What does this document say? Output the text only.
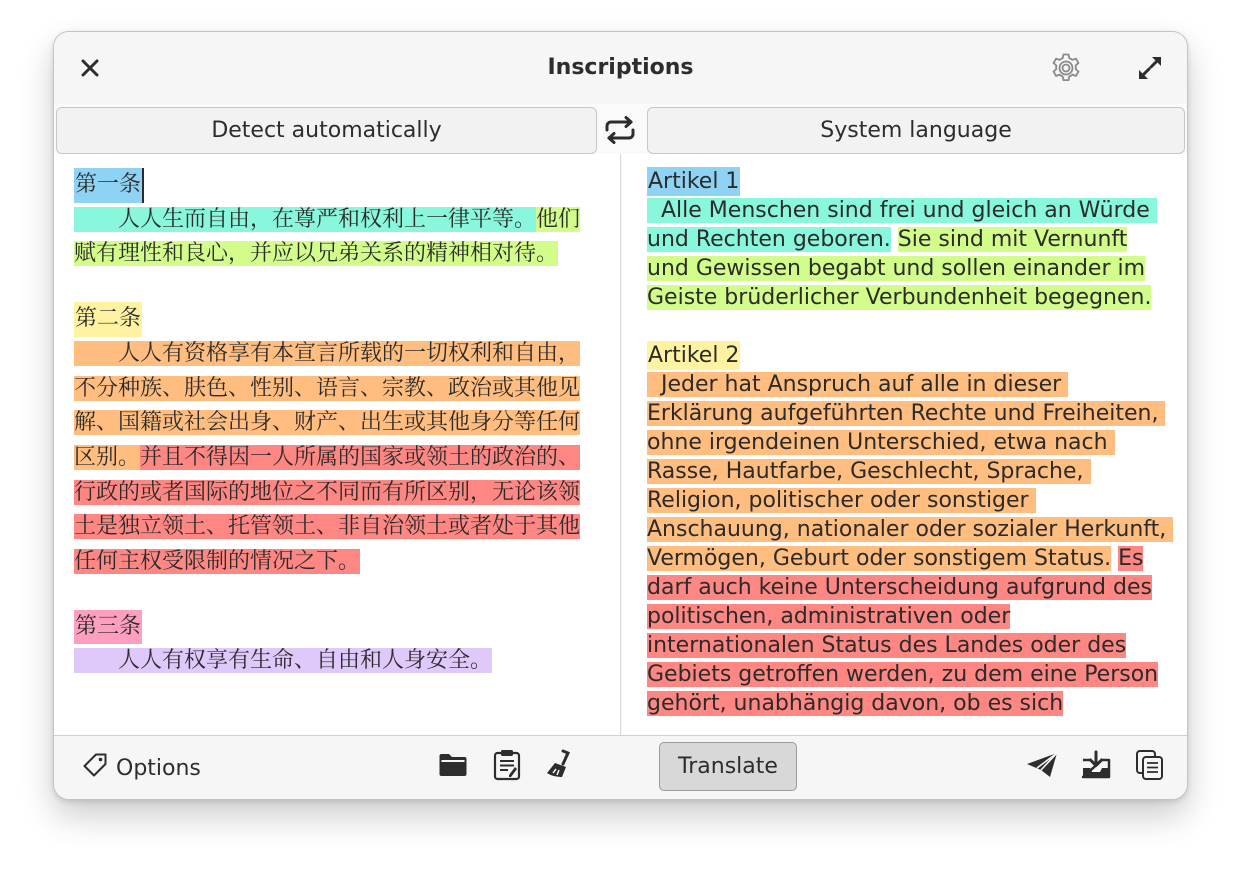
Inscriptions
Detect automatically	System language

第一条
　　人人生而自由，在尊严和权利上一律平等。他们赋有理性和良心，并应以兄弟关系的精神相对待。

第二条
　　人人有资格享有本宣言所载的一切权利和自由，不分种族、肤色、性别、语言、宗教、政治或其他见解、国籍或社会出身、财产、出生或其他身分等任何区别。并且不得因一人所属的国家或领土的政治的、行政的或者国际的地位之不同而有所区别，无论该领土是独立领土、托管领土、非自治领土或者处于其他任何主权受限制的情况之下。

第三条
　　人人有权享有生命、自由和人身安全。

Artikel 1
Alle Menschen sind frei und gleich an Würde und Rechten geboren. Sie sind mit Vernunft und Gewissen begabt und sollen einander im Geiste brüderlicher Verbundenheit begegnen.

Artikel 2
Jeder hat Anspruch auf alle in dieser Erklärung aufgeführten Rechte und Freiheiten, ohne irgendeinen Unterschied, etwa nach Rasse, Hautfarbe, Geschlecht, Sprache, Religion, politischer oder sonstiger Anschauung, nationaler oder sozialer Herkunft, Vermögen, Geburt oder sonstigem Status. Es darf auch keine Unterscheidung aufgrund des politischen, administrativen oder internationalen Status des Landes oder des Gebiets getroffen werden, zu dem eine Person gehört, unabhängig davon, ob es sich

Options	Translate
